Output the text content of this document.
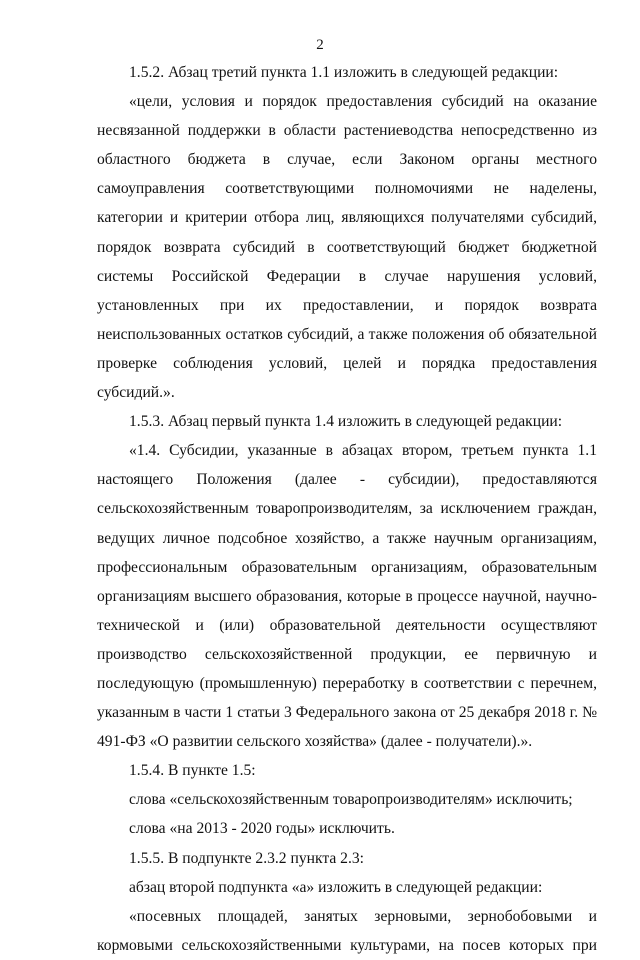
2

1.5.2. Абзац третий пункта 1.1 изложить в следующей редакции:

«цели, условия и порядок предоставления субсидий на оказание несвязанной поддержки в области растениеводства непосредственно из областного бюджета в случае, если Законом органы местного самоуправления соответствующими полномочиями не наделены, категории и критерии отбора лиц, являющихся получателями субсидий, порядок возврата субсидий в соответствующий бюджет бюджетной системы Российской Федерации в случае нарушения условий, установленных при их предоставлении, и порядок возврата неиспользованных остатков субсидий, а также положения об обязательной проверке соблюдения условий, целей и порядка предоставления субсидий.».

1.5.3. Абзац первый пункта 1.4 изложить в следующей редакции:

«1.4. Субсидии, указанные в абзацах втором, третьем пункта 1.1 настоящего Положения (далее - субсидии), предоставляются сельскохозяйственным товаропроизводителям, за исключением граждан, ведущих личное подсобное хозяйство, а также научным организациям, профессиональным образовательным организациям, образовательным организациям высшего образования, которые в процессе научной, научно-технической и (или) образовательной деятельности осуществляют производство сельскохозяйственной продукции, ее первичную и последующую (промышленную) переработку в соответствии с перечнем, указанным в части 1 статьи 3 Федерального закона от 25 декабря 2018 г. № 491-ФЗ «О развитии сельского хозяйства» (далее - получатели).».

1.5.4. В пункте 1.5:

слова «сельскохозяйственным товаропроизводителям» исключить;

слова «на 2013 - 2020 годы» исключить.

1.5.5. В подпункте 2.3.2 пункта 2.3:

абзац второй подпункта «а» изложить в следующей редакции:

«посевных площадей, занятых зерновыми, зернобобовыми и кормовыми сельскохозяйственными культурами, на посев которых при
